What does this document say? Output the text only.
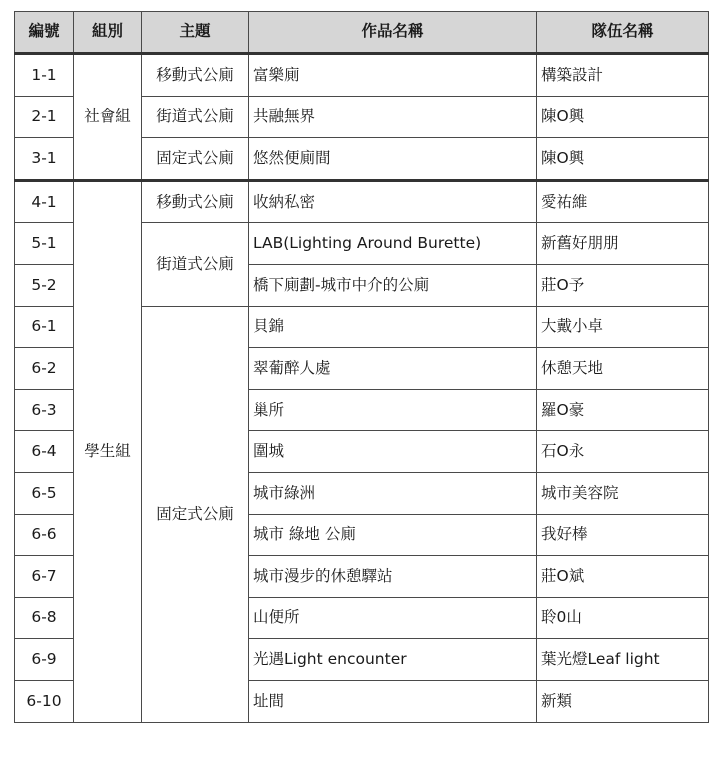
編號	組別	主題	作品名稱	隊伍名稱
1-1	社會組	移動式公廁	富樂廁	構築設計
2-1		街道式公廁	共融無界	陳O興
3-1		固定式公廁	悠然便廁間	陳O興
4-1	學生組	移動式公廁	收納私密	愛祐維
5-1		街道式公廁	LAB(Lighting Around Burette)	新舊好朋朋
5-2			橋下廁劃-城市中介的公廁	莊O予
6-1		固定式公廁	貝錦	大戴小卓
6-2			翠葡醉人處	休憩天地
6-3			巢所	羅O豪
6-4			圍城	石O永
6-5			城市綠洲	城市美容院
6-6			城市 綠地 公廁	我好棒
6-7			城市漫步的休憩驛站	莊O斌
6-8			山便所	聆0山
6-9			光遇Light encounter	葉光燈Leaf light
6-10			址間	新類
